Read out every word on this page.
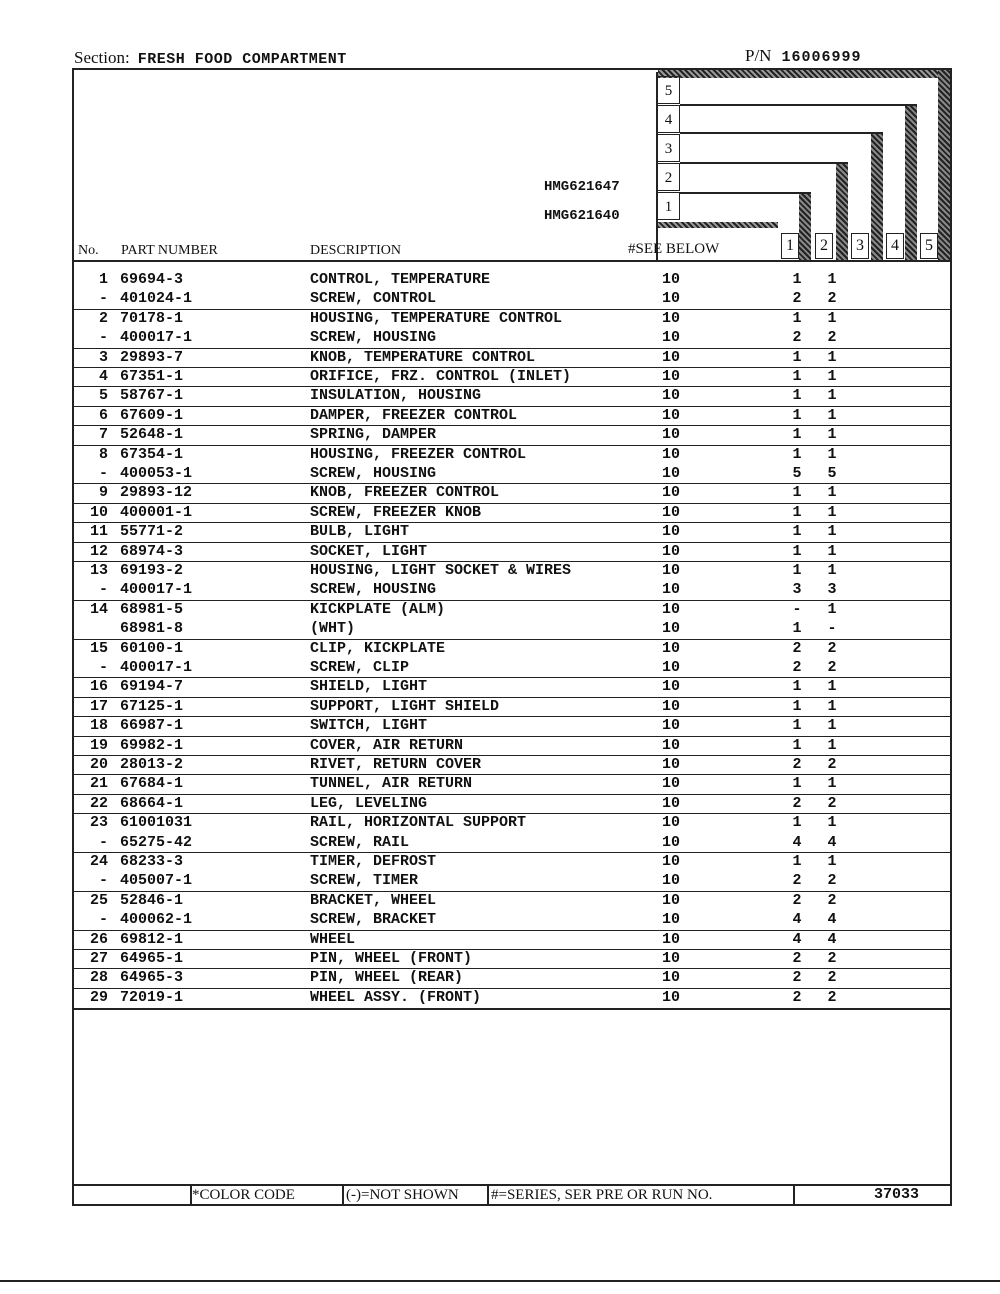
Section: FRESH FOOD COMPARTMENT	P/N 16006999
5
4
3
2
1
HMG621647
HMG621640
1	2	3	4	5
No. PART NUMBER	DESCRIPTION	#SEE BELOW
1 69694-3	CONTROL, TEMPERATURE	10	1 1
- 401024-1	SCREW, CONTROL	10	2 2
2 70178-1	HOUSING, TEMPERATURE CONTROL	10	1 1
- 400017-1	SCREW, HOUSING	10	2 2
3 29893-7	KNOB, TEMPERATURE CONTROL	10	1 1
4 67351-1	ORIFICE, FRZ. CONTROL (INLET)	10	1 1
5 58767-1	INSULATION, HOUSING	10	1 1
6 67609-1	DAMPER, FREEZER CONTROL	10	1 1
7 52648-1	SPRING, DAMPER	10	1 1
8 67354-1	HOUSING, FREEZER CONTROL	10	1 1
- 400053-1	SCREW, HOUSING	10	5 5
9 29893-12	KNOB, FREEZER CONTROL	10	1 1
10 400001-1	SCREW, FREEZER KNOB	10	1 1
11 55771-2	BULB, LIGHT	10	1 1
12 68974-3	SOCKET, LIGHT	10	1 1
13 69193-2	HOUSING, LIGHT SOCKET & WIRES	10	1 1
- 400017-1	SCREW, HOUSING	10	3 3
14 68981-5	KICKPLATE (ALM)	10	- 1
68981-8	(WHT)	10	1 -
15 60100-1	CLIP, KICKPLATE	10	2 2
- 400017-1	SCREW, CLIP	10	2 2
16 69194-7	SHIELD, LIGHT	10	1 1
17 67125-1	SUPPORT, LIGHT SHIELD	10	1 1
18 66987-1	SWITCH, LIGHT	10	1 1
19 69982-1	COVER, AIR RETURN	10	1 1
20 28013-2	RIVET, RETURN COVER	10	2 2
21 67684-1	TUNNEL, AIR RETURN	10	1 1
22 68664-1	LEG, LEVELING	10	2 2
23 61001031	RAIL, HORIZONTAL SUPPORT	10	1 1
- 65275-42	SCREW, RAIL	10	4 4
24 68233-3	TIMER, DEFROST	10	1 1
- 405007-1	SCREW, TIMER	10	2 2
25 52846-1	BRACKET, WHEEL	10	2 2
- 400062-1	SCREW, BRACKET	10	4 4
26 69812-1	WHEEL	10	4 4
27 64965-1	PIN, WHEEL (FRONT)	10	2 2
28 64965-3	PIN, WHEEL (REAR)	10	2 2
29 72019-1	WHEEL ASSY. (FRONT)	10	2 2
*COLOR CODE	(-)=NOT SHOWN #=SERIES, SER PRE OR RUN NO.	37033
